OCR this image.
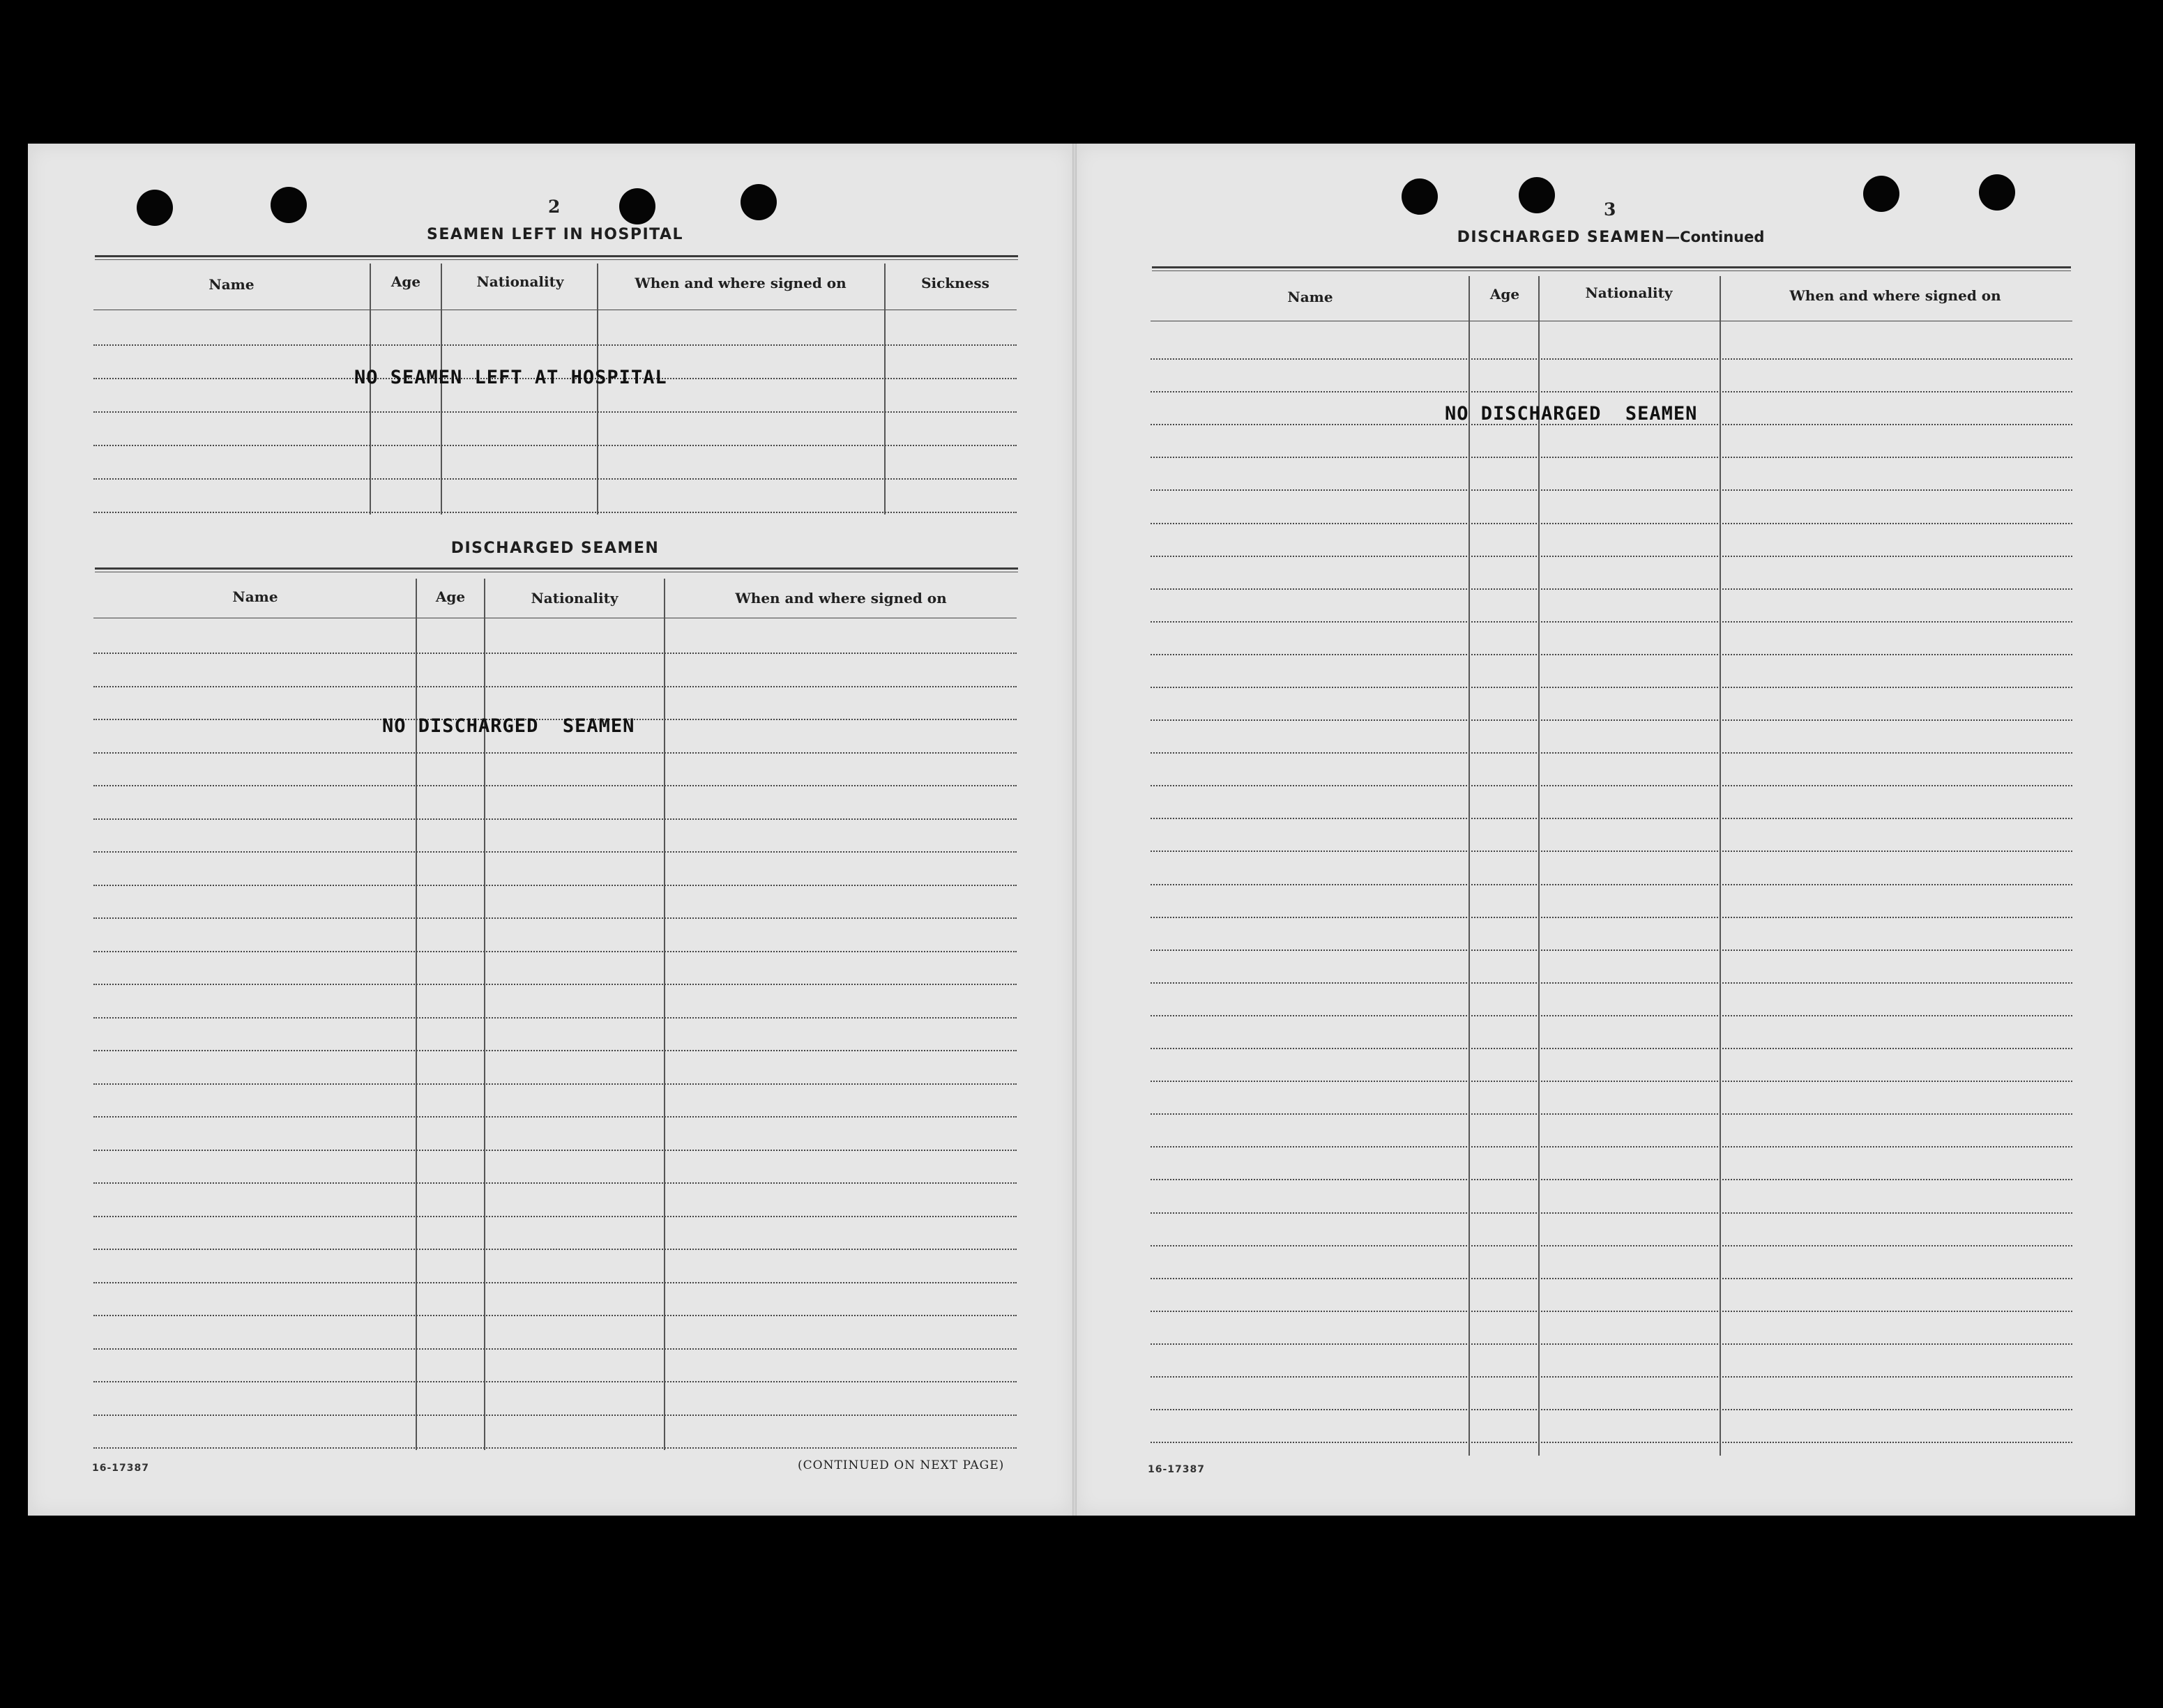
2
SEAMEN LEFT IN HOSPITAL
Name	Age	Nationality	When and where signed on	Sickness
NO SEAMEN LEFT AT HOSPITAL
DISCHARGED SEAMEN
Name	Age	Nationality	When and where signed on
NO DISCHARGED  SEAMEN
16-17387	(CONTINUED ON NEXT PAGE)
3
DISCHARGED SEAMEN—Continued
Name	Age	Nationality	When and where signed on
NO DISCHARGED  SEAMEN
16-17387
